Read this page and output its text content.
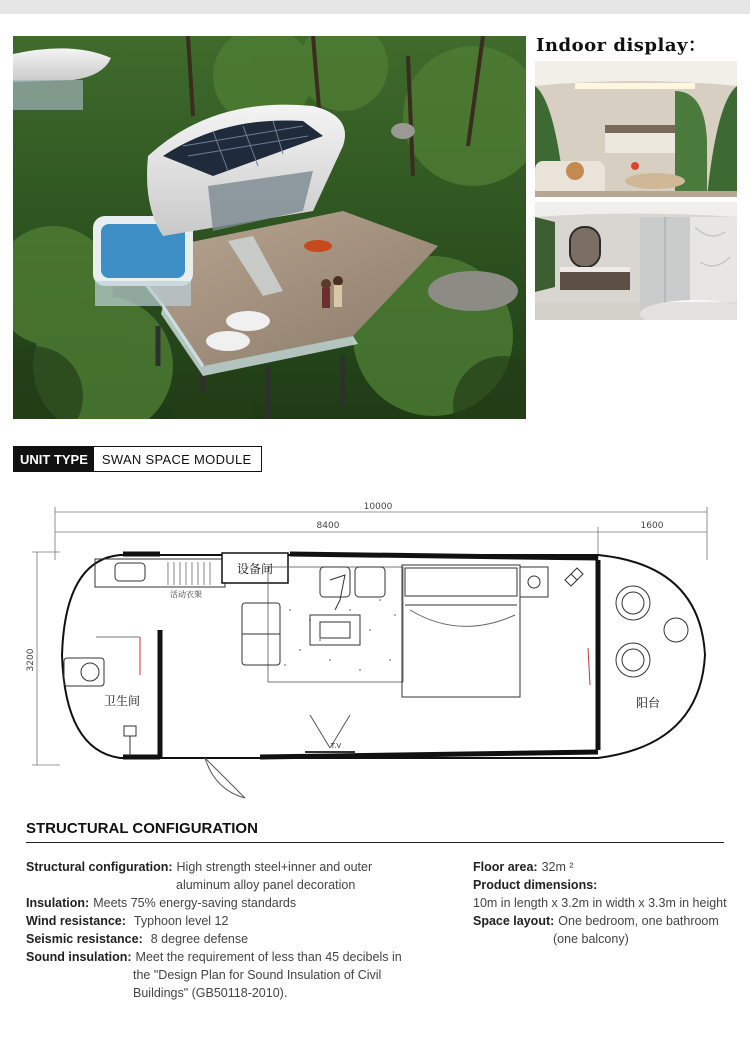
Indoor display：
UNIT TYPE	SWAN SPACE MODULE
10000
8400	1600
3200
活动衣架
设备间
阳台
卫生间
T.V
STRUCTURAL CONFIGURATION
Structural configuration: High strength steel+inner and outer
aluminum alloy panel decoration
Insulation: Meets 75% energy-saving standards
Wind resistance: Typhoon level 12
Seismic resistance: 8 degree defense
Sound insulation: Meet the requirement of less than 45 decibels in
the "Design Plan for Sound Insulation of Civil
Buildings" (GB50118-2010).
Floor area: 32m ²
Product dimensions:
10m in length x 3.2m in width x 3.3m in height
Space layout: One bedroom, one bathroom
(one balcony)
